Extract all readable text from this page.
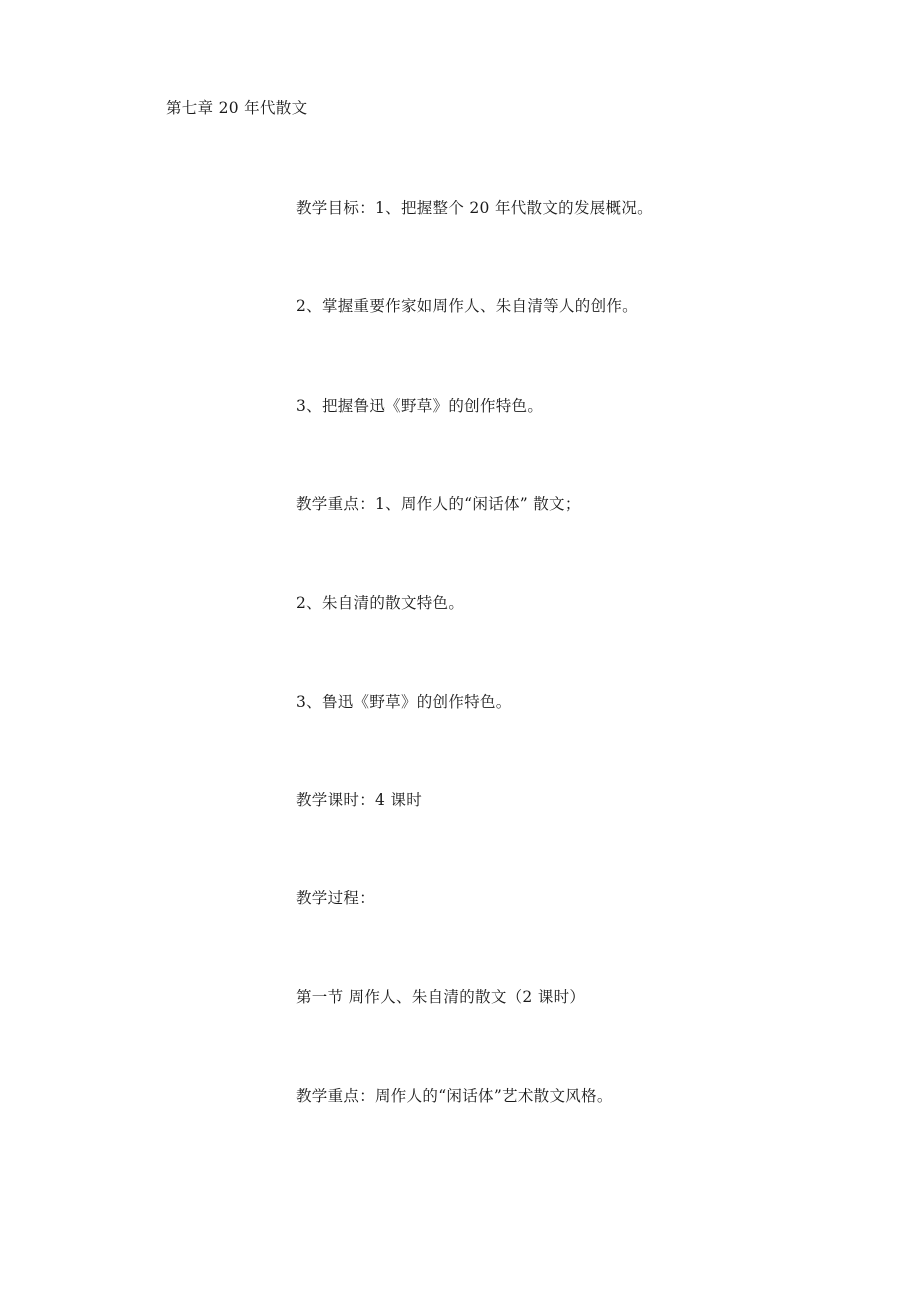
第七章 20 年代散文
教学目标：1、把握整个 20 年代散文的发展概况。
2、掌握重要作家如周作人、朱自清等人的创作。
3、把握鲁迅《野草》的创作特色。
教学重点：1、周作人的“闲话体” 散文；
2、朱自清的散文特色。
3、鲁迅《野草》的创作特色。
教学课时：4 课时
教学过程：
第一节 周作人、朱自清的散文（2 课时）
教学重点：周作人的“闲话体”艺术散文风格。
